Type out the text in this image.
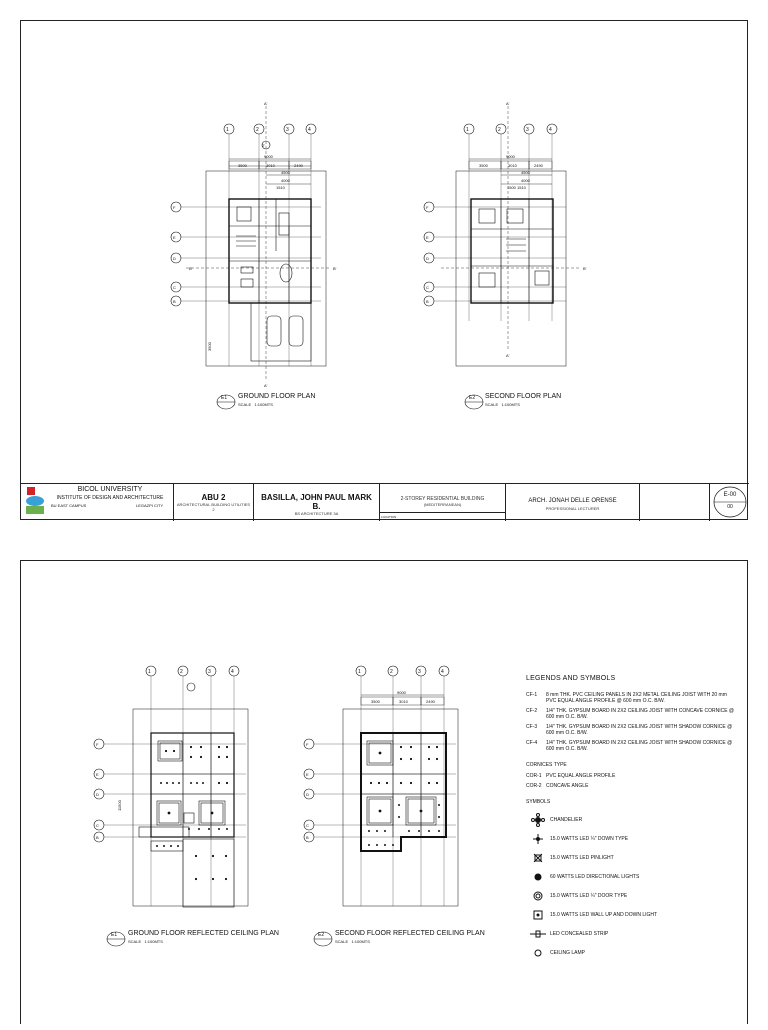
1	2	3	4
2'
A'
A'
B'
B'
F
E
D
C
B
9000
3500	3010	2490
4500
4000
1510
3500
1	2	3	4
A'
A'
B'
F
E
D
C
B
9000
3500	3010	2490
4500
4000
1500 1510
E1 GROUND FLOOR PLAN
SCALE 1:100MTS
E2 SECOND FLOOR PLAN
SCALE 1:100MTS
BICOL UNIVERSITY
INSTITUTE OF DESIGN AND ARCHITECTURE
BU EAST CAMPUS	LEGAZPI CITY
ABU 2
ARCHITECTURAL BUILDING UTILITIES 2
BASILLA, JOHN PAUL MARK B.
BS ARCHITECTURE 3A
2-STOREY RESIDENTIAL BUILDING
(MEDITERRANEAN)
LOCATION
ARCH. JONAH DELLE ORENSE
PROFESSIONAL LECTURER
E-00
00
1	2	3	4
F
E
D
C
B
11500
1	2	3	4
F
E
D
C
B
3500	3010	2490
9000
E1 GROUND FLOOR REFLECTED CEILING PLAN
SCALE 1:100MTS
E2 SECOND FLOOR REFLECTED CEILING PLAN
SCALE 1:100MTS
LEGENDS AND SYMBOLS
CF-1	8 mm THK. PVC CEILING PANELS IN 2X2 METAL CEILING JOIST WITH 20 mm PVC EQUAL ANGLE PROFILE @ 600 mm O.C. B/W.
CF-2	1/4" THK. GYPSUM BOARD IN 2X2 CEILING JOIST WITH CONCAVE CORNICE @ 600 mm O.C. B/W.
CF-3	1/4" THK. GYPSUM BOARD IN 2X2 CEILING JOIST WITH SHADOW CORNICE @ 600 mm O.C. B/W.
CF-4	1/4" THK. GYPSUM BOARD IN 2X2 CEILING JOIST WITH SHADOW CORNICE @ 600 mm O.C. B/W.
CORNICES TYPE
COR-1 PVC EQUAL ANGLE PROFILE
COR-2 CONCAVE ANGLE
SYMBOLS
CHANDELIER
15.0 WATTS LED ¼" DOWN TYPE
15.0 WATTS LED PINLIGHT
60 WATTS LED DIRECTIONAL LIGHTS
15.0 WATTS LED ¼" DOOR TYPE
15.0 WATTS LED WALL UP AND DOWN LIGHT
LED CONCEALED STRIP
CEILING LAMP
